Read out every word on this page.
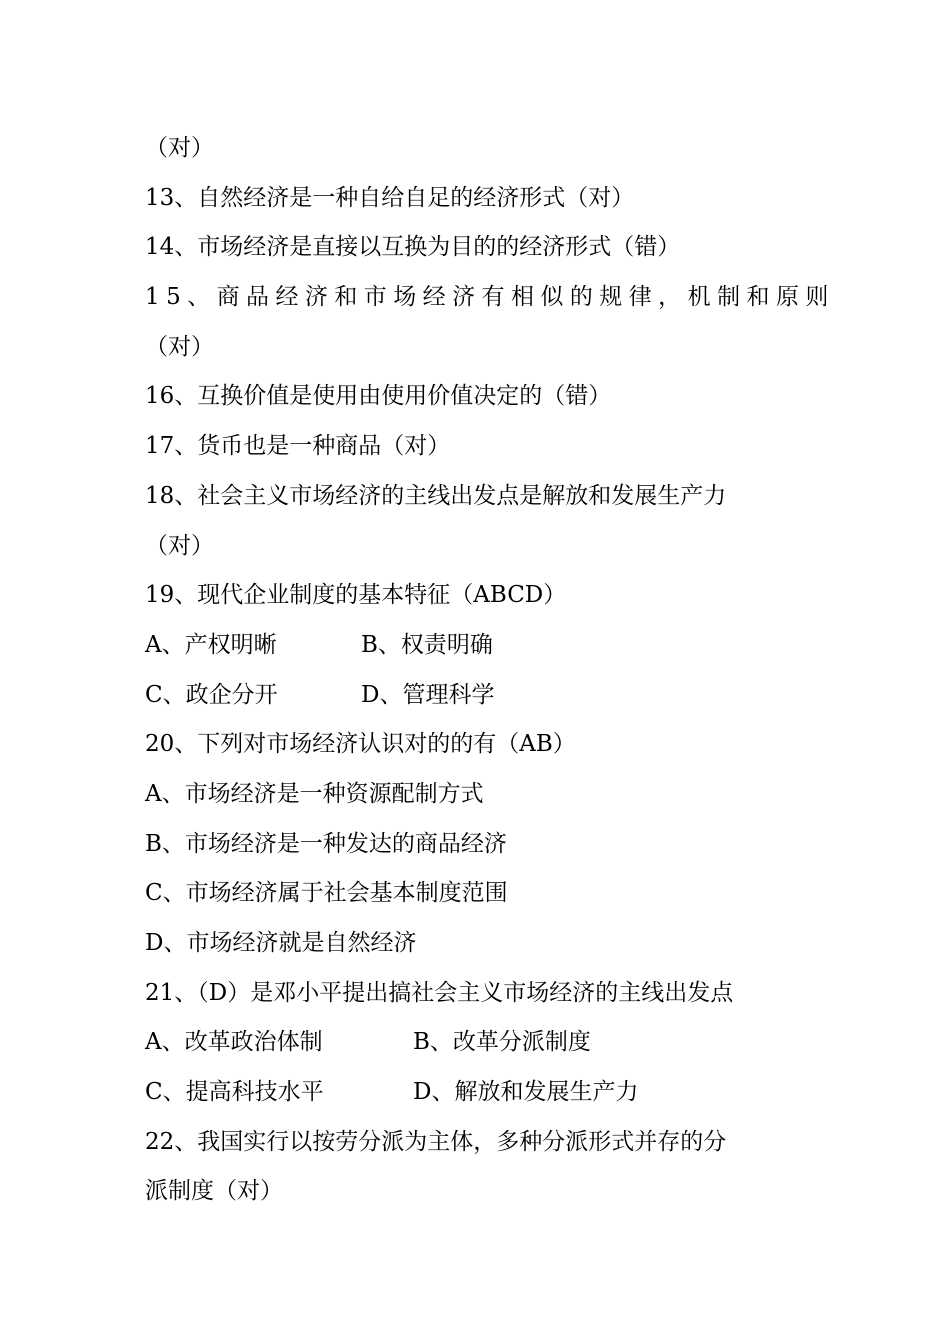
（对）
13、自然经济是一种自给自足的经济形式（对）
14、市场经济是直接以互换为目的的经济形式（错）
15、商品经济和市场经济有相似的规律，机制和原则
（对）
16、互换价值是使用由使用价值决定的（错）
17、货币也是一种商品（对）
18、社会主义市场经济的主线出发点是解放和发展生产力
（对）
19、现代企业制度的基本特征（ABCD）
A、产权明晰	B、权责明确
C、政企分开	D、管理科学
20、下列对市场经济认识对的的有（AB）
A、市场经济是一种资源配制方式
B、市场经济是一种发达的商品经济
C、市场经济属于社会基本制度范围
D、市场经济就是自然经济
21、（D）是邓小平提出搞社会主义市场经济的主线出发点
A、改革政治体制	B、改革分派制度
C、提高科技水平	D、解放和发展生产力
22、我国实行以按劳分派为主体，多种分派形式并存的分
派制度（对）
